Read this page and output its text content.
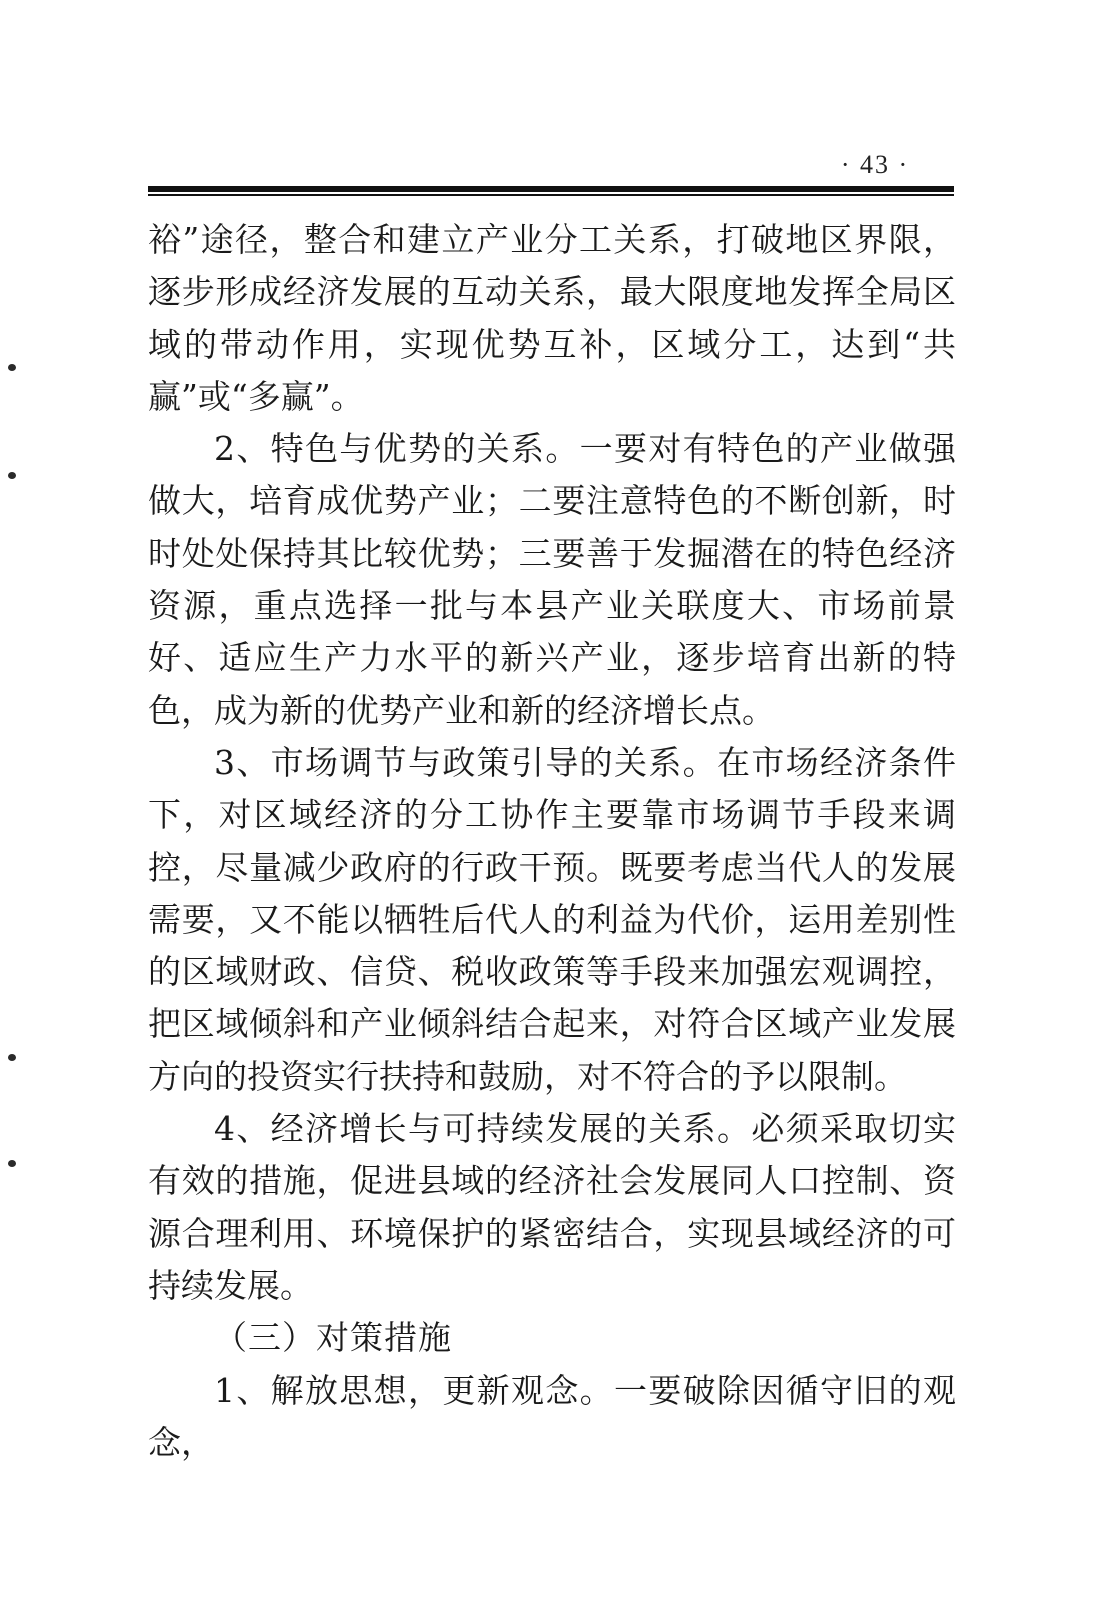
· 43 ·

裕”途径，整合和建立产业分工关系，打破地区界限，逐步形成经济发展的互动关系，最大限度地发挥全局区域的带动作用，实现优势互补，区域分工，达到“共赢”或“多赢”。

2、特色与优势的关系。一要对有特色的产业做强做大，培育成优势产业；二要注意特色的不断创新，时时处处保持其比较优势；三要善于发掘潜在的特色经济资源，重点选择一批与本县产业关联度大、市场前景好、适应生产力水平的新兴产业，逐步培育出新的特色，成为新的优势产业和新的经济增长点。

3、市场调节与政策引导的关系。在市场经济条件下，对区域经济的分工协作主要靠市场调节手段来调控，尽量减少政府的行政干预。既要考虑当代人的发展需要，又不能以牺牲后代人的利益为代价，运用差别性的区域财政、信贷、税收政策等手段来加强宏观调控，把区域倾斜和产业倾斜结合起来，对符合区域产业发展方向的投资实行扶持和鼓励，对不符合的予以限制。

4、经济增长与可持续发展的关系。必须采取切实有效的措施，促进县域的经济社会发展同人口控制、资源合理利用、环境保护的紧密结合，实现县域经济的可持续发展。

（三）对策措施

1、解放思想，更新观念。一要破除因循守旧的观念，
